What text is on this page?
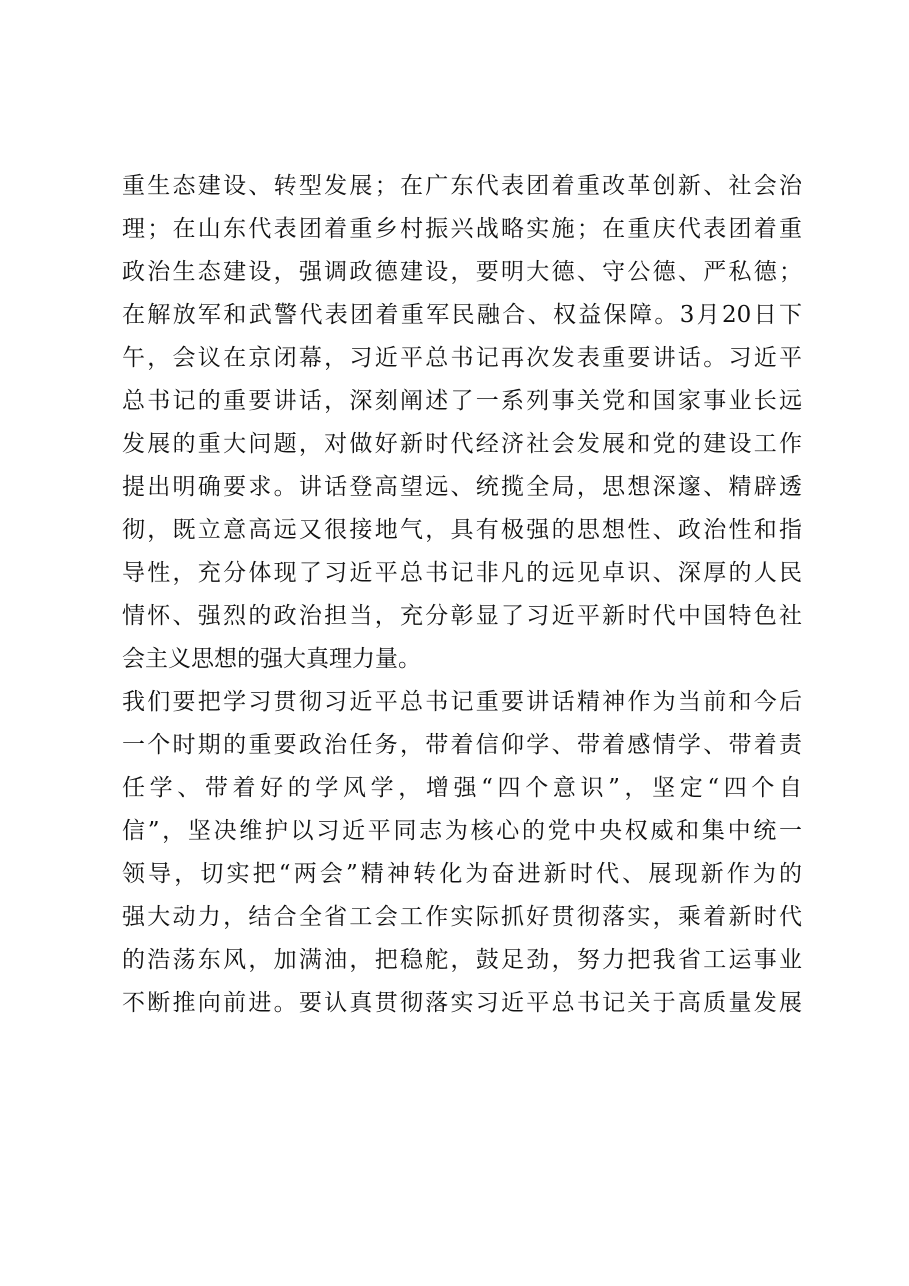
重生态建设、转型发展；在广东代表团着重改革创新、社会治
理；在山东代表团着重乡村振兴战略实施；在重庆代表团着重
政治生态建设，强调政德建设，要明大德、守公德、严私德；
在解放军和武警代表团着重军民融合、权益保障。3月20日下
午，会议在京闭幕，习近平总书记再次发表重要讲话。习近平
总书记的重要讲话，深刻阐述了一系列事关党和国家事业长远
发展的重大问题，对做好新时代经济社会发展和党的建设工作
提出明确要求。讲话登高望远、统揽全局，思想深邃、精辟透
彻，既立意高远又很接地气，具有极强的思想性、政治性和指
导性，充分体现了习近平总书记非凡的远见卓识、深厚的人民
情怀、强烈的政治担当，充分彰显了习近平新时代中国特色社
会主义思想的强大真理力量。
我们要把学习贯彻习近平总书记重要讲话精神作为当前和今后
一个时期的重要政治任务，带着信仰学、带着感情学、带着责
任学、带着好的学风学，增强“四个意识”，坚定“四个自
信”，坚决维护以习近平同志为核心的党中央权威和集中统一
领导，切实把“两会”精神转化为奋进新时代、展现新作为的
强大动力，结合全省工会工作实际抓好贯彻落实，乘着新时代
的浩荡东风，加满油，把稳舵，鼓足劲，努力把我省工运事业
不断推向前进。要认真贯彻落实习近平总书记关于高质量发展
